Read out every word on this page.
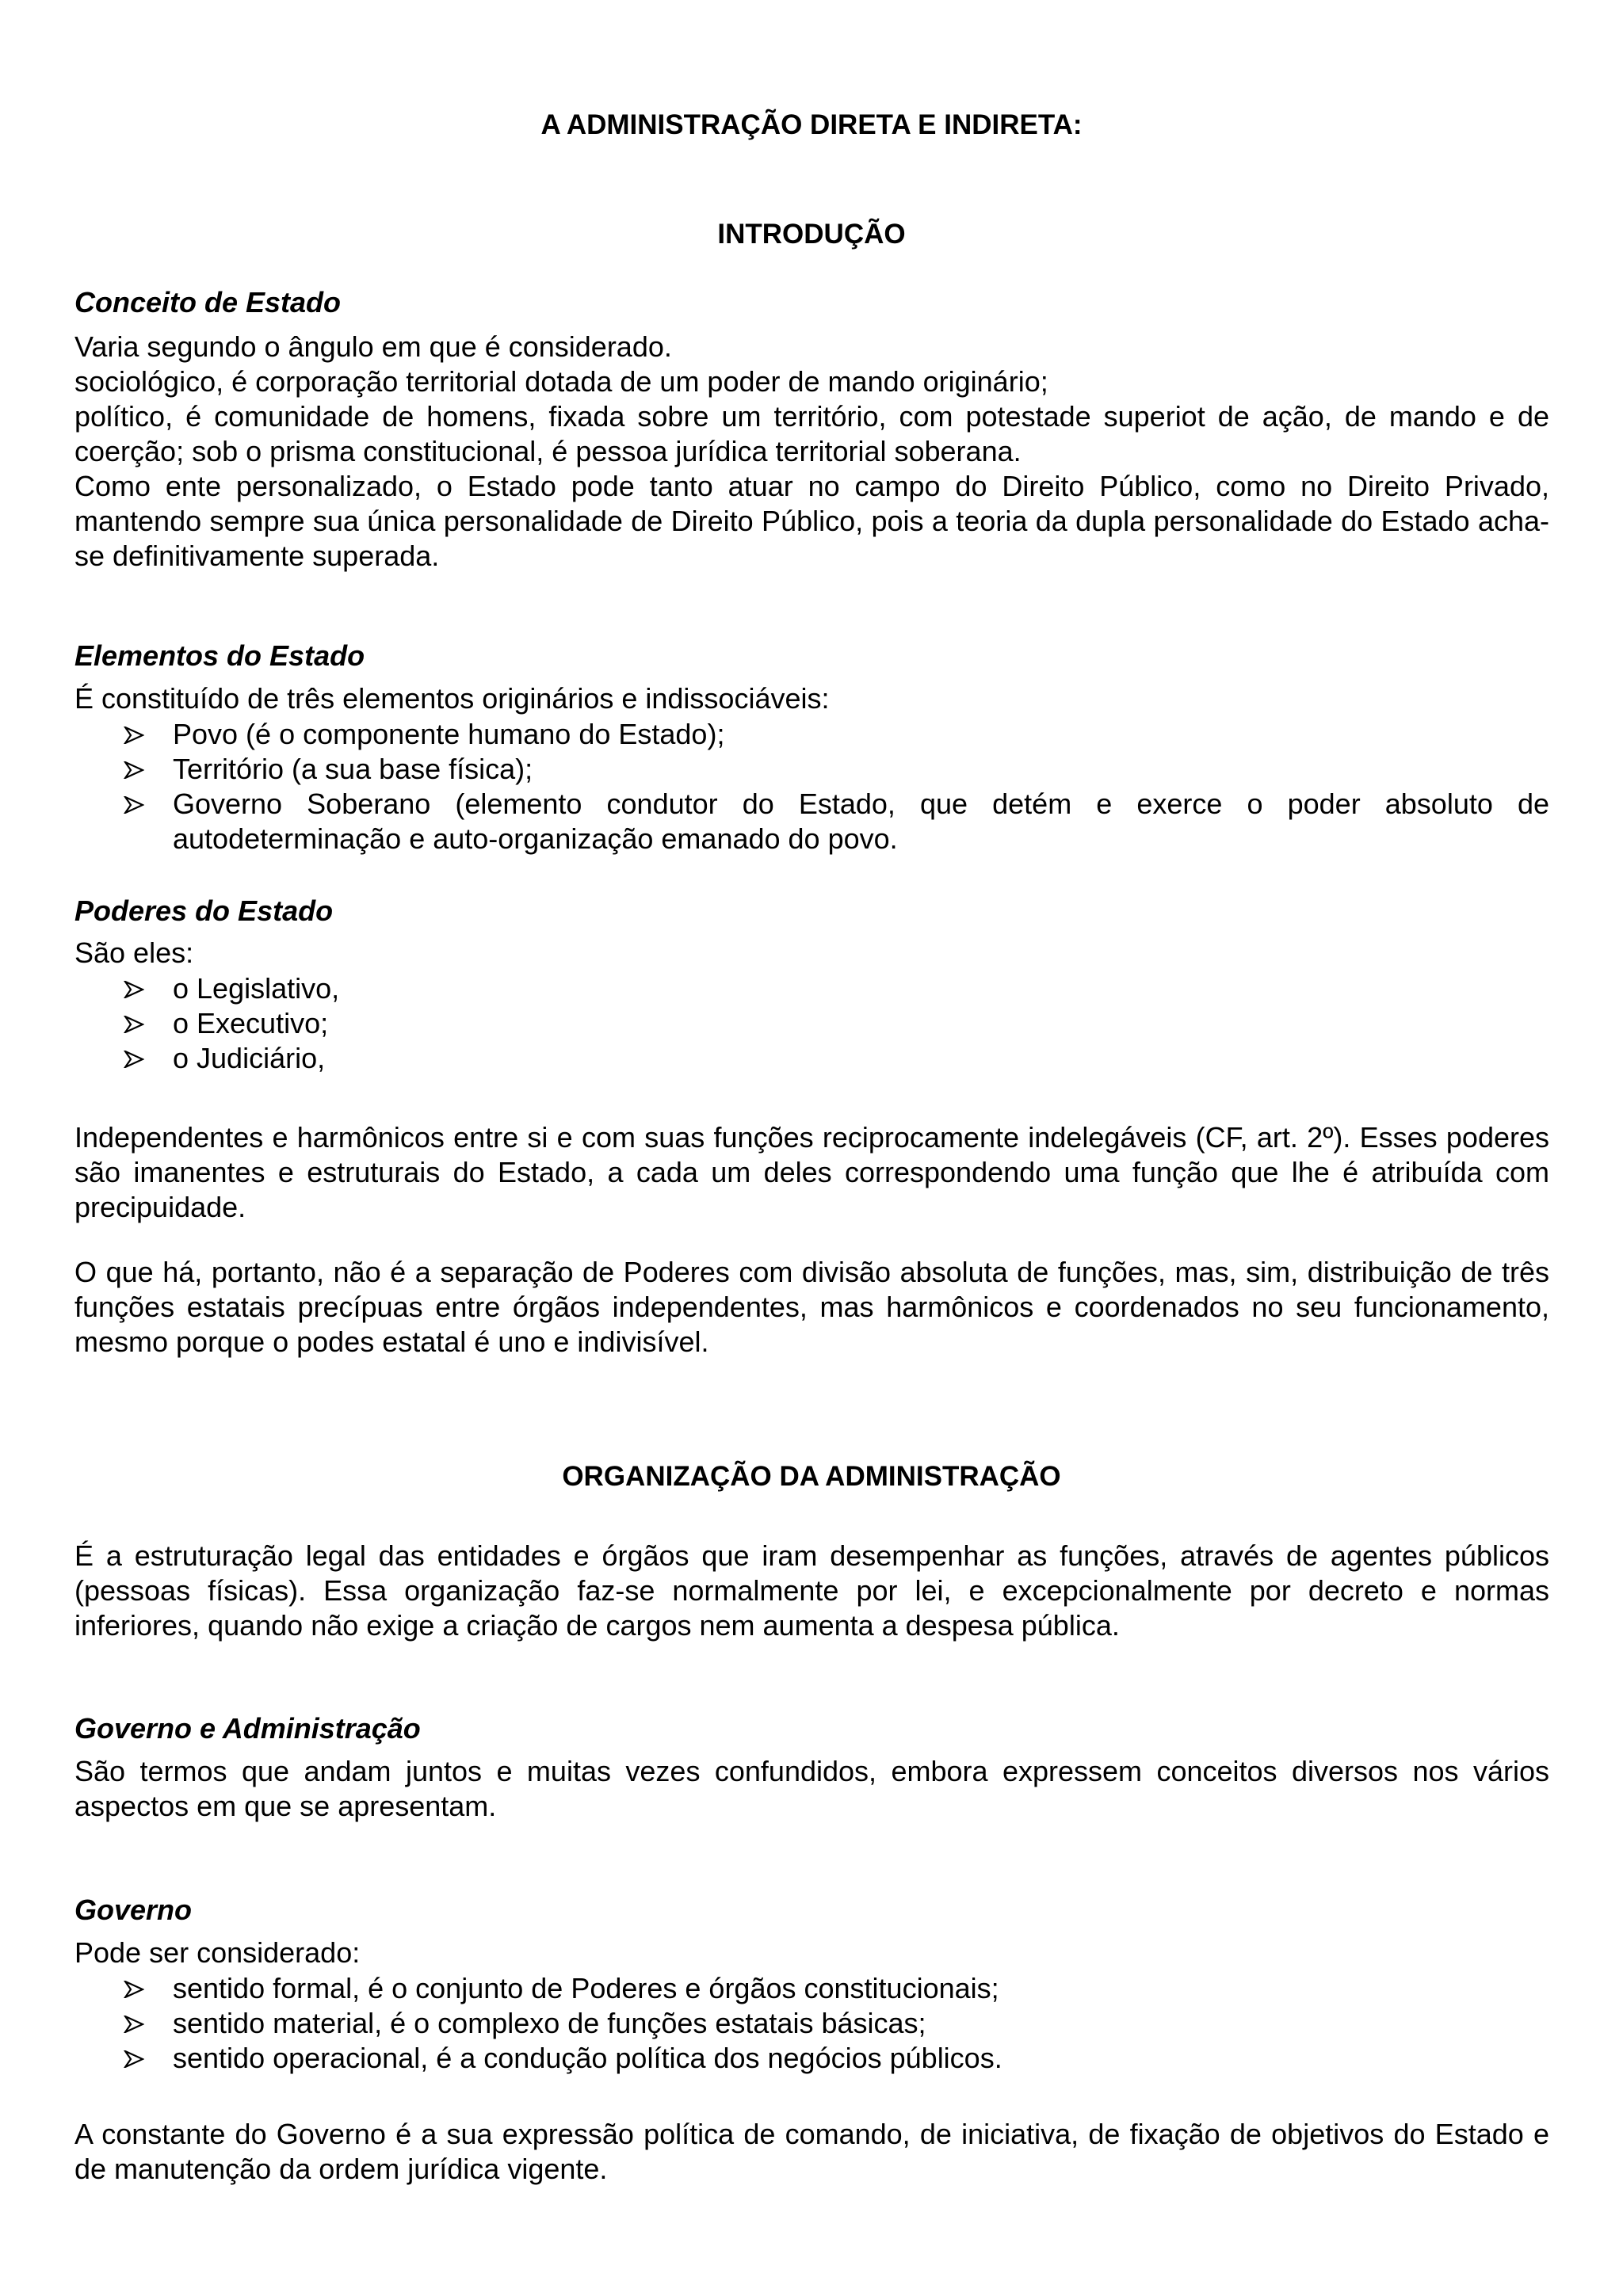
A ADMINISTRAÇÃO DIRETA E INDIRETA:
INTRODUÇÃO
Conceito de Estado

Varia segundo o ângulo em que é considerado.

sociológico, é corporação territorial dotada de um poder de mando originário;

político, é comunidade de homens, fixada sobre um território, com potestade superiot de ação, de mando e de coerção; sob o prisma constitucional, é pessoa jurídica territorial soberana.

Como ente personalizado, o Estado pode tanto atuar no campo do Direito Público, como no Direito Privado, mantendo sempre sua única personalidade de Direito Público, pois a teoria da dupla personalidade do Estado acha-se definitivamente superada.

Elementos do Estado
É constituído de três elementos originários e indissociáveis:
Povo (é o componente humano do Estado);
Território (a sua base física);
Governo Soberano (elemento condutor do Estado, que detém e exerce o poder absoluto de autodeterminação e auto-organização emanado do povo.
Poderes do Estado
São eles:
o Legislativo,
o Executivo;
o Judiciário,
Independentes e harmônicos entre si e com suas funções reciprocamente indelegáveis (CF, art. 2º). Esses poderes são imanentes e estruturais do Estado, a cada um deles correspondendo uma função que lhe é atribuída com precipuidade.
O que há, portanto, não é a separação de Poderes com divisão absoluta de funções, mas, sim, distribuição de três funções estatais precípuas entre órgãos independentes, mas harmônicos e coordenados no seu funcionamento, mesmo porque o podes estatal é uno e indivisível.
ORGANIZAÇÃO DA ADMINISTRAÇÃO
É a estruturação legal das entidades e órgãos que iram desempenhar as funções, através de agentes públicos (pessoas físicas). Essa organização faz-se normalmente por lei, e excepcionalmente por decreto e normas inferiores, quando não exige a criação de cargos nem aumenta a despesa pública.
Governo e Administração
São termos que andam juntos e muitas vezes confundidos, embora expressem conceitos diversos nos vários aspectos em que se apresentam.
Governo
Pode ser considerado:
sentido formal, é o conjunto de Poderes e órgãos constitucionais;
sentido material, é o complexo de funções estatais básicas;
sentido operacional, é a condução política dos negócios públicos.
A constante do Governo é a sua expressão política de comando, de iniciativa, de fixação de objetivos do Estado e de manutenção da ordem jurídica vigente.
